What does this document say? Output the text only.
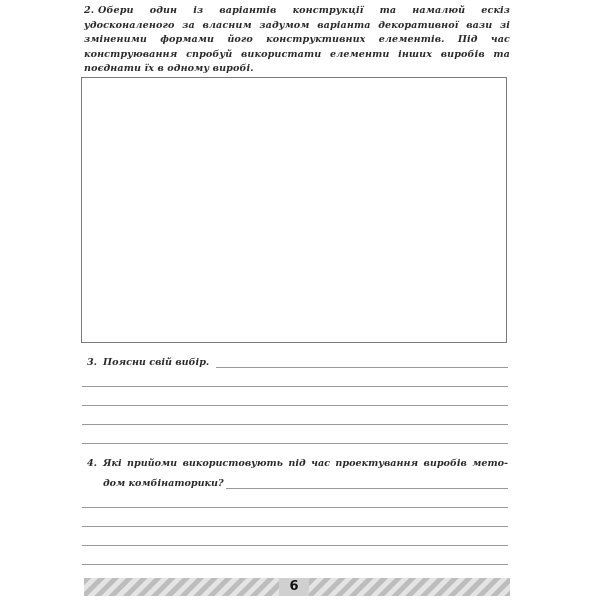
2. Обери один із варіантів конструкції та намалюй ескіз удосконаленого за власним задумом варіанта декоративної вази зі зміненими формами його конструктивних елементів. Під час конструювання спробуй використати елементи інших виробів та поєднати їх в одному виробі.
3. Поясни свій вибір.
4. Які прийоми використовують під час проектування виробів мето-
дом комбінаторики?
6
